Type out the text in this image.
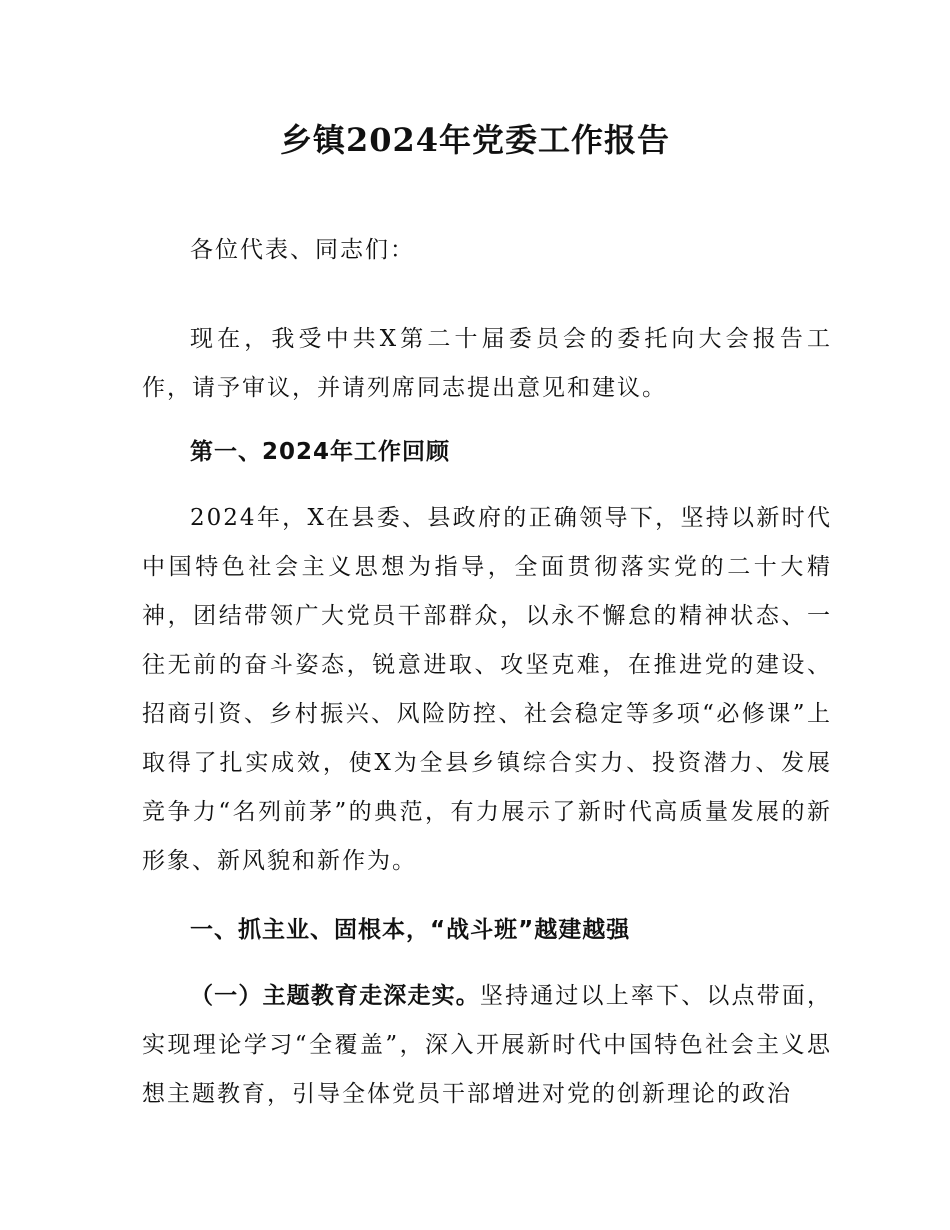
乡镇2024年党委工作报告

各位代表、同志们：

现在，我受中共X第二十届委员会的委托向大会报告工作，请予审议，并请列席同志提出意见和建议。

第一、2024年工作回顾

2024年，X在县委、县政府的正确领导下，坚持以新时代中国特色社会主义思想为指导，全面贯彻落实党的二十大精神，团结带领广大党员干部群众，以永不懈怠的精神状态、一往无前的奋斗姿态，锐意进取、攻坚克难，在推进党的建设、招商引资、乡村振兴、风险防控、社会稳定等多项“必修课”上取得了扎实成效，使X为全县乡镇综合实力、投资潜力、发展竞争力“名列前茅”的典范，有力展示了新时代高质量发展的新形象、新风貌和新作为。

一、抓主业、固根本，“战斗班”越建越强

（一）主题教育走深走实。坚持通过以上率下、以点带面，实现理论学习“全覆盖”，深入开展新时代中国特色社会主义思想主题教育，引导全体党员干部增进对党的创新理论的政治
